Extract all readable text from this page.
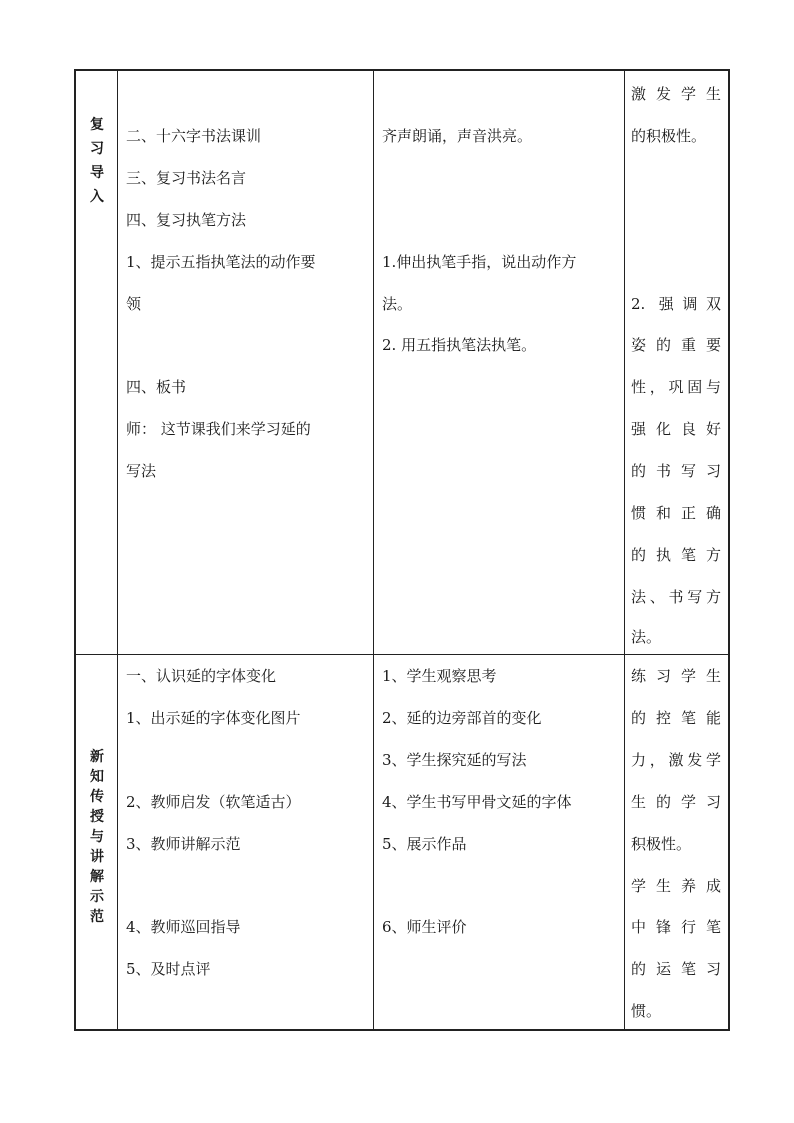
复
习
导
入
二、十六字书法课训
三、复习书法名言
四、复习执笔方法
1、提示五指执笔法的动作要
领
四、板书
师： 这节课我们来学习延的
写法
齐声朗诵，声音洪亮。
1.伸出执笔手指，说出动作方
法。
2. 用五指执笔法执笔。
激发学生
的积极性。
2. 强调双
姿的重要
性，巩固与
强化良好
的书写习
惯和正确
的执笔方
法、书写方
法。
新
知
传
授
与
讲
解
示
范
一、认识延的字体变化
1、出示延的字体变化图片
2、教师启发（软笔适古）
3、教师讲解示范
4、教师巡回指导
5、及时点评
1、学生观察思考
2、延的边旁部首的变化
3、学生探究延的写法
4、学生书写甲骨文延的字体
5、展示作品
6、师生评价
练习学生
的控笔能
力，激发学
生的学习
积极性。
学生养成
中锋行笔
的运笔习
惯。
